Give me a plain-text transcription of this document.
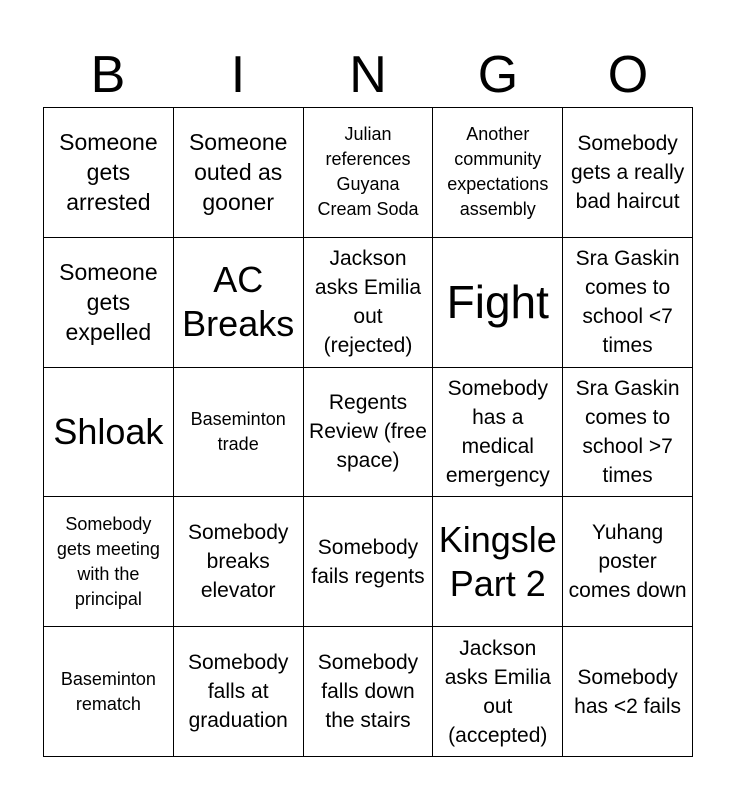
B	I	N	G	O
Someone gets arrested
Someone outed as gooner
Julian references Guyana Cream Soda
Another community expectations assembly
Somebody gets a really bad haircut
Someone gets expelled
AC Breaks
Jackson asks Emilia out (rejected)
Fight
Sra Gaskin comes to school <7 times
Shloak	Baseminton trade
Regents Review (free space)
Somebody has a medical emergency
Sra Gaskin comes to school >7 times
Somebody gets meeting with the principal
Somebody breaks elevator
Somebody fails regents
Kingsle Part 2
Yuhang poster comes down
Baseminton rematch
Somebody falls at graduation
Somebody falls down the stairs
Jackson asks Emilia out (accepted)
Somebody has <2 fails
